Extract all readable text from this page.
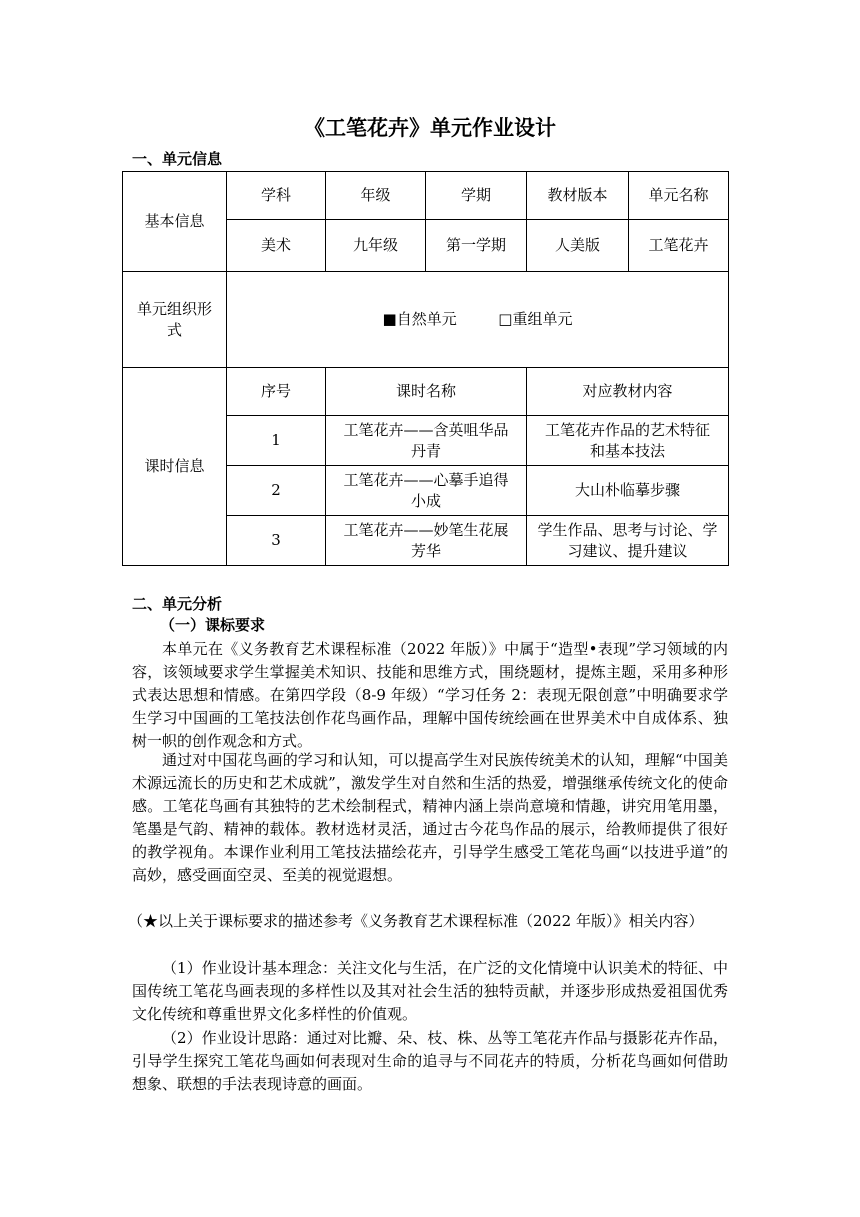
《工笔花卉》单元作业设计
一、单元信息
基本信息	学科	年级	学期	教材版本	单元名称
	美术	九年级	第一学期	人美版	工笔花卉
单元组织形式	■自然单元 □重组单元				
课时信息	序号	课时名称		对应教材内容	
	1	工笔花卉——含英咀华品丹青		工笔花卉作品的艺术特征和基本技法	
	2	工笔花卉——心摹手追得小成		大山朴临摹步骤	
	3	工笔花卉——妙笔生花展芳华		学生作品、思考与讨论、学习建议、提升建议	
二、单元分析
（一）课标要求
本单元在《义务教育艺术课程标准（2022 年版）》中属于“造型•表现”学习领域的内容，该领域要求学生掌握美术知识、技能和思维方式，围绕题材，提炼主题，采用多种形式表达思想和情感。在第四学段（8-9 年级）“学习任务 2：表现无限创意”中明确要求学生学习中国画的工笔技法创作花鸟画作品，理解中国传统绘画在世界美术中自成体系、独树一帜的创作观念和方式。
通过对中国花鸟画的学习和认知，可以提高学生对民族传统美术的认知，理解“中国美术源远流长的历史和艺术成就”，激发学生对自然和生活的热爱，增强继承传统文化的使命感。工笔花鸟画有其独特的艺术绘制程式，精神内涵上崇尚意境和情趣，讲究用笔用墨，笔墨是气韵、精神的载体。教材选材灵活，通过古今花鸟作品的展示，给教师提供了很好的教学视角。本课作业利用工笔技法描绘花卉，引导学生感受工笔花鸟画“以技进乎道”的高妙，感受画面空灵、至美的视觉遐想。
（★以上关于课标要求的描述参考《义务教育艺术课程标准（2022 年版）》相关内容）
（1）作业设计基本理念：关注文化与生活，在广泛的文化情境中认识美术的特征、中国传统工笔花鸟画表现的多样性以及其对社会生活的独特贡献，并逐步形成热爱祖国优秀文化传统和尊重世界文化多样性的价值观。
（2）作业设计思路：通过对比瓣、朵、枝、株、丛等工笔花卉作品与摄影花卉作品，引导学生探究工笔花鸟画如何表现对生命的追寻与不同花卉的特质，分析花鸟画如何借助想象、联想的手法表现诗意的画面。
